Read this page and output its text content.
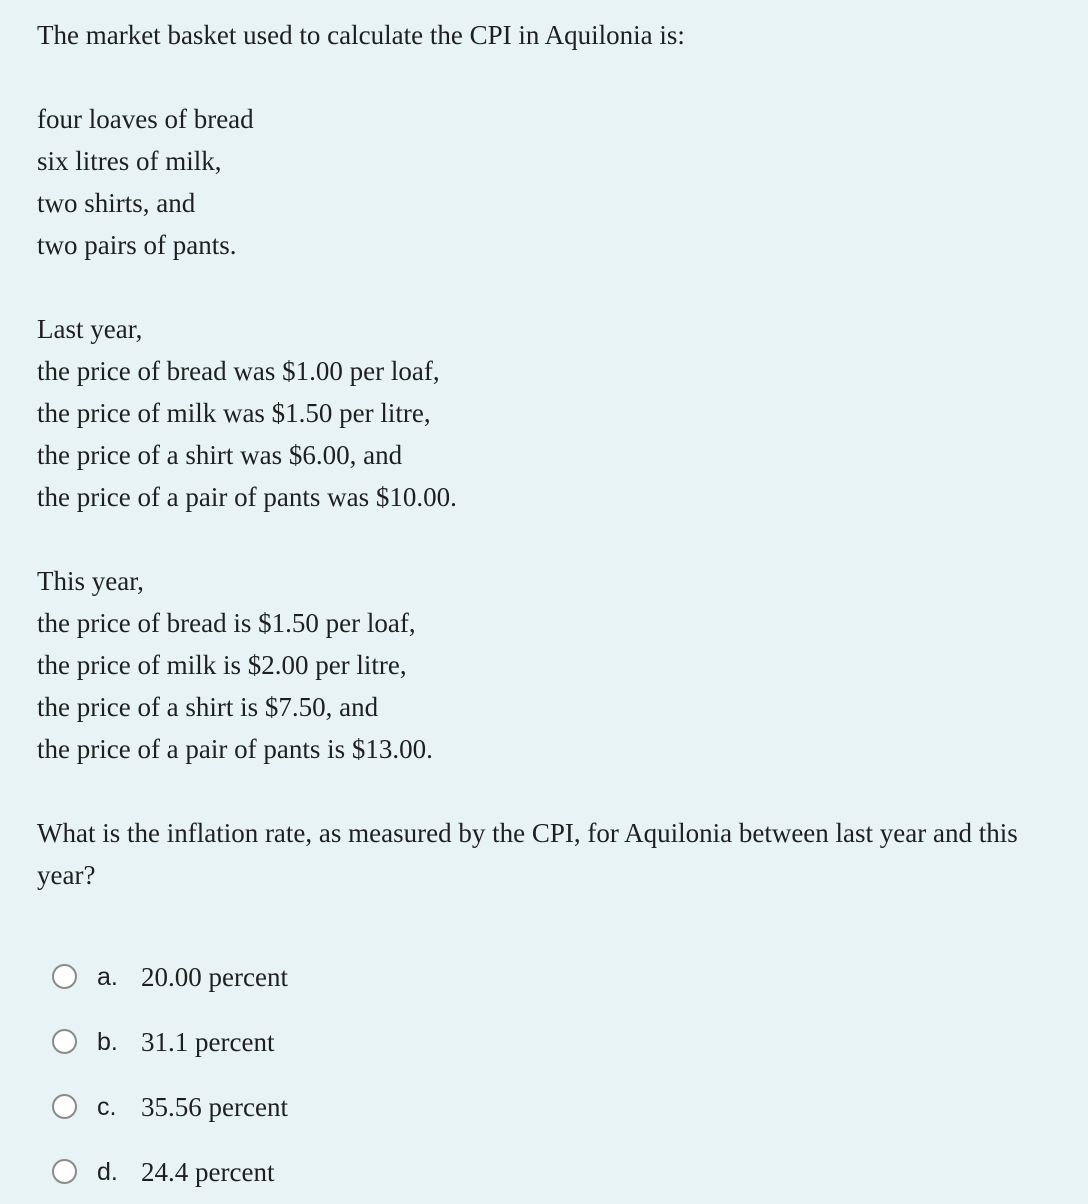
The market basket used to calculate the CPI in Aquilonia is:

four loaves of bread
six litres of milk,
two shirts, and
two pairs of pants.

Last year,
the price of bread was $1.00 per loaf,
the price of milk was $1.50 per litre,
the price of a shirt was $6.00, and
the price of a pair of pants was $10.00.

This year,
the price of bread is $1.50 per loaf,
the price of milk is $2.00 per litre,
the price of a shirt is $7.50, and
the price of a pair of pants is $13.00.

What is the inflation rate, as measured by the CPI, for Aquilonia between last year and this year?

a. 20.00 percent
b. 31.1 percent
c. 35.56 percent
d. 24.4 percent
